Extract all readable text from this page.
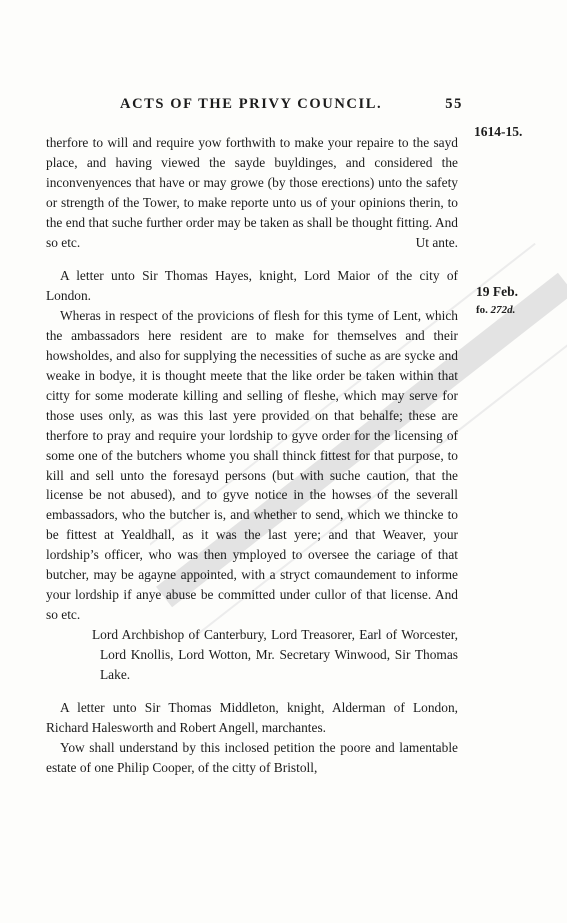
ACTS OF THE PRIVY COUNCIL.	55
1614-15.
19 Feb.
fo. 272d.

therfore to will and require yow forthwith to make your repaire to the sayd place, and having viewed the sayde buyldinges, and considered the inconvenyences that have or may growe (by those erections) unto the safety or strength of the Tower, to make reporte unto us of your opinions therin, to the end that suche further order may be taken as shall be thought fitting. And so etc.	Ut ante.

A letter unto Sir Thomas Hayes, knight, Lord Maior of the city of London.

Wheras in respect of the provicions of flesh for this tyme of Lent, which the ambassadors here resident are to make for themselves and their howsholdes, and also for supplying the necessities of suche as are sycke and weake in bodye, it is thought meete that the like order be taken within that citty for some moderate killing and selling of fleshe, which may serve for those uses only, as was this last yere provided on that behalfe; these are therfore to pray and require your lordship to gyve order for the licensing of some one of the butchers whome you shall thinck fittest for that purpose, to kill and sell unto the foresayd persons (but with suche caution, that the license be not abused), and to gyve notice in the howses of the severall embassadors, who the butcher is, and whether to send, which we thincke to be fittest at Yealdhall, as it was the last yere; and that Weaver, your lordship’s officer, who was then ymployed to oversee the cariage of that butcher, may be agayne appointed, with a stryct comaundement to informe your lordship if anye abuse be committed under cullor of that license. And so etc.

Lord Archbishop of Canterbury, Lord Treasorer, Earl of Worcester, Lord Knollis, Lord Wotton, Mr. Secretary Winwood, Sir Thomas Lake.

A letter unto Sir Thomas Middleton, knight, Alderman of London, Richard Halesworth and Robert Angell, marchantes.

Yow shall understand by this inclosed petition the poore and lamentable estate of one Philip Cooper, of the citty of Bristoll,
